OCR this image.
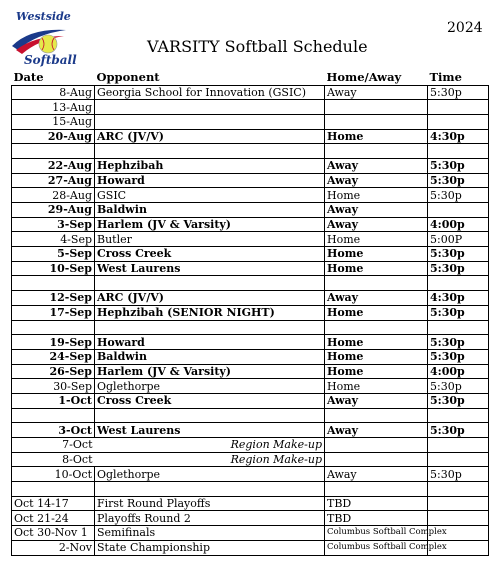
Westside
Softball
2024
VARSITY Softball Schedule
Date	Opponent	Home/Away	Time
8-Aug	Georgia School for Innovation (GSIC)	Away	5:30p
13-Aug			
15-Aug			
20-Aug	ARC (JV/V)	Home	4:30p

22-Aug	Hephzibah	Away	5:30p
27-Aug	Howard	Away	5:30p
28-Aug	GSIC	Home	5:30p
29-Aug	Baldwin	Away	
3-Sep	Harlem (JV & Varsity)	Away	4:00p
4-Sep	Butler	Home	5:00P
5-Sep	Cross Creek	Home	5:30p
10-Sep	West Laurens	Home	5:30p

12-Sep	ARC (JV/V)	Away	4:30p
17-Sep	Hephzibah (SENIOR NIGHT)	Home	5:30p

19-Sep	Howard	Home	5:30p
24-Sep	Baldwin	Home	5:30p
26-Sep	Harlem (JV & Varsity)	Home	4:00p
30-Sep	Oglethorpe	Home	5:30p
1-Oct	Cross Creek	Away	5:30p

3-Oct	West Laurens	Away	5:30p
7-Oct	Region Make-up		
8-Oct	Region Make-up		
10-Oct	Oglethorpe	Away	5:30p

Oct 14-17	First Round Playoffs	TBD	
Oct 21-24	Playoffs Round 2	TBD	
Oct 30-Nov 1	Semifinals	Columbus Softball Complex	
2-Nov	State Championship	Columbus Softball Complex	
